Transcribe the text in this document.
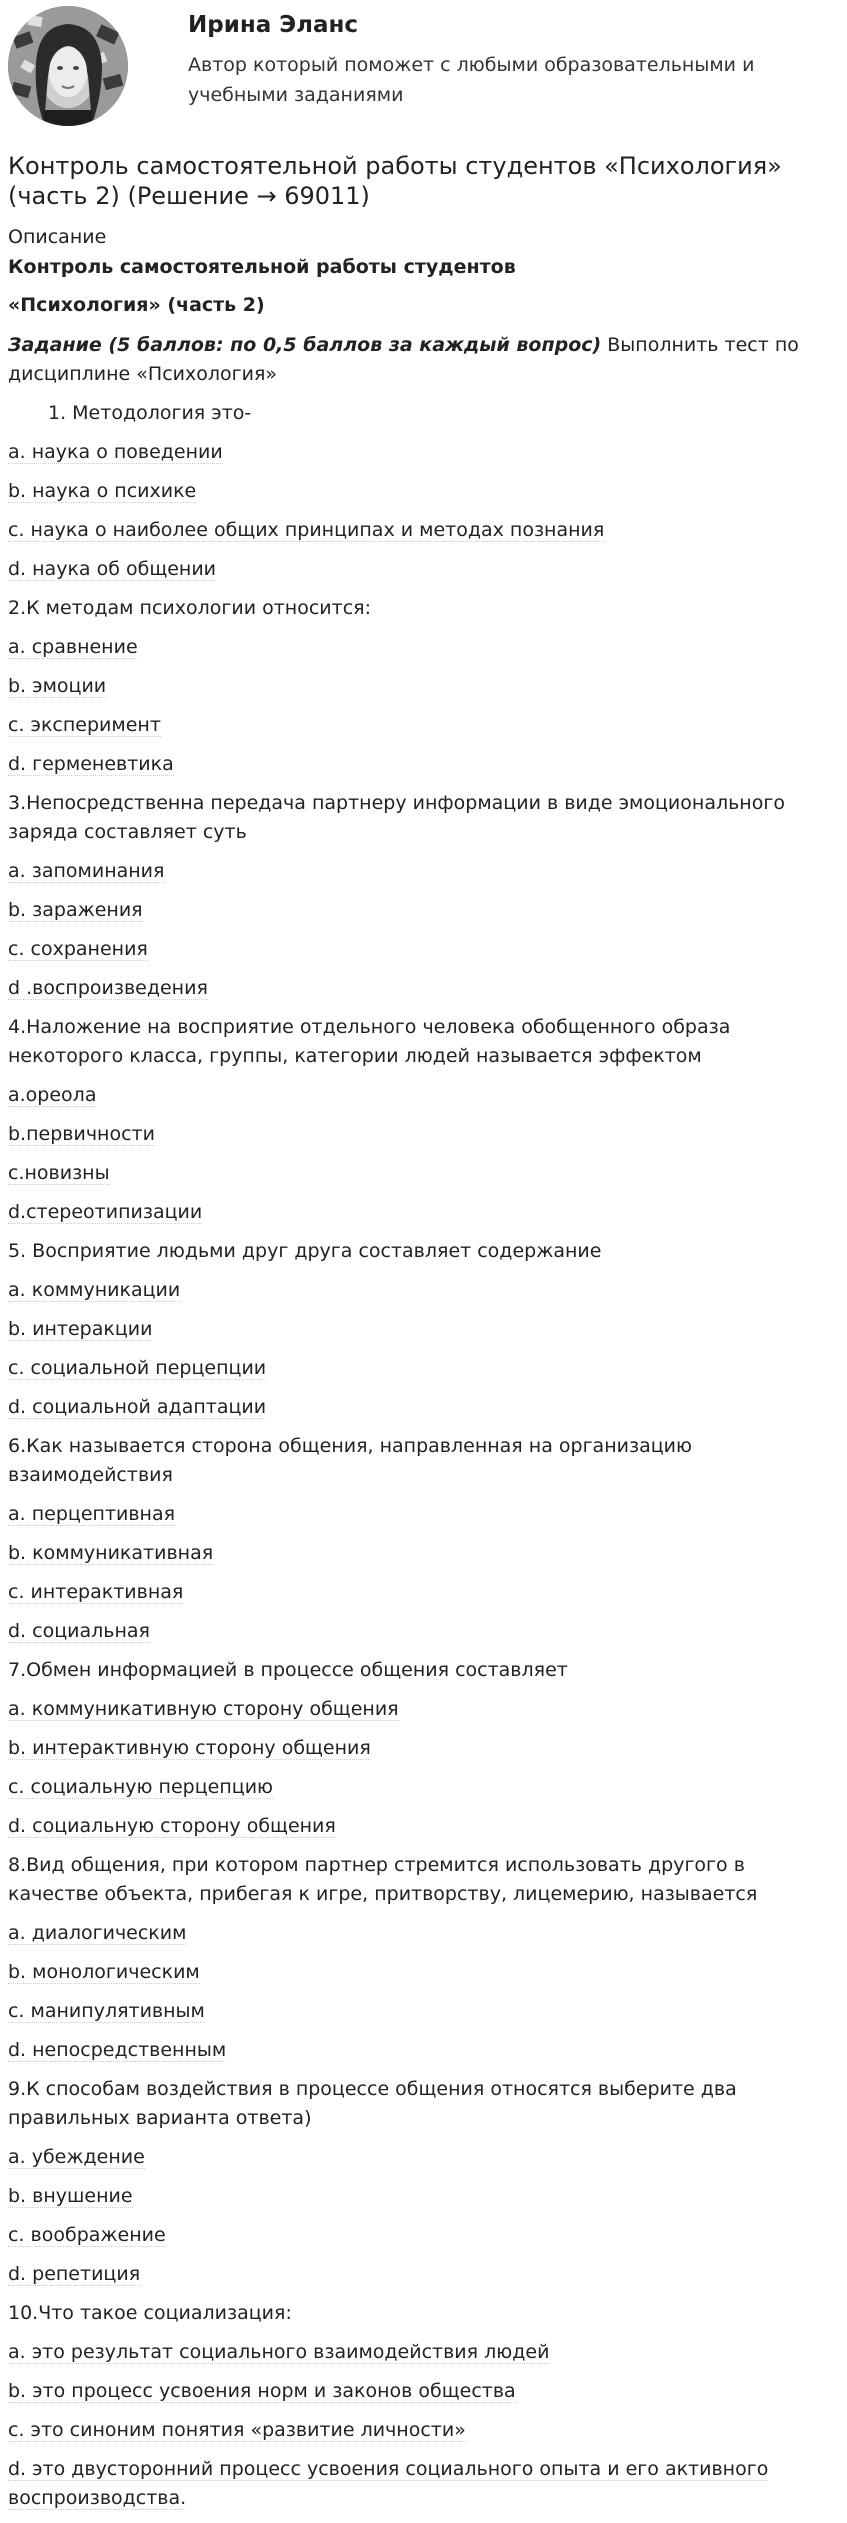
Ирина Эланс

Автор который поможет с любыми образовательными и учебными заданиями

Контроль самостоятельной работы студентов «Психология» (часть 2) (Решение → 69011)

Описание

Контроль самостоятельной работы студентов

«Психология» (часть 2)

Задание (5 баллов: по 0,5 баллов за каждый вопрос) Выполнить тест по дисциплине «Психология»

1. Методология это-

a. наука о поведении

b. наука о психике

c. наука о наиболее общих принципах и методах познания

d. наука об общении

2.К методам психологии относится:

a. сравнение

b. эмоции

c. эксперимент

d. герменевтика

3.Непосредственна передача партнеру информации в виде эмоционального заряда составляет суть

a. запоминания

b. заражения

c. сохранения

d .воспроизведения

4.Наложение на восприятие отдельного человека обобщенного образа некоторого класса, группы, категории людей называется эффектом

a.ореола

b.первичности

c.новизны

d.стереотипизации

5. Восприятие людьми друг друга составляет содержание

a. коммуникации

b. интеракции

c. социальной перцепции

d. социальной адаптации

6.Как называется сторона общения, направленная на организацию взаимодействия

a. перцептивная

b. коммуникативная

c. интерактивная

d. социальная

7.Обмен информацией в процессе общения составляет

a. коммуникативную сторону общения

b. интерактивную сторону общения

c. социальную перцепцию

d. социальную сторону общения

8.Вид общения, при котором партнер стремится использовать другого в качестве объекта, прибегая к игре, притворству, лицемерию, называется

a. диалогическим

b. монологическим

c. манипулятивным

d. непосредственным

9.К способам воздействия в процессе общения относятся выберите два правильных варианта ответа)

a. убеждение

b. внушение

c. воображение

d. репетиция

10.Что такое социализация:

a. это результат социального взаимодействия людей

b. это процесс усвоения норм и законов общества

c. это синоним понятия «развитие личности»

d. это двусторонний процесс усвоения социального опыта и его активного воспроизводства.
